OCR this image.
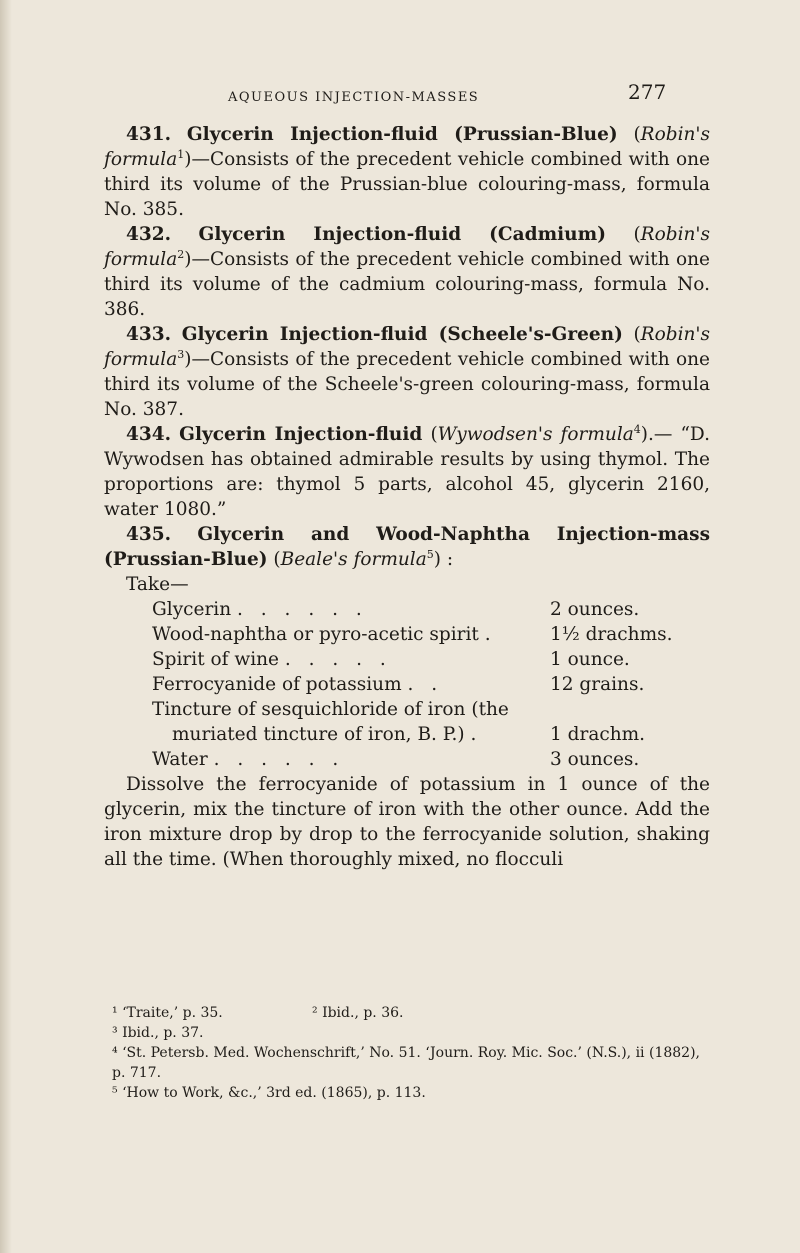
AQUEOUS INJECTION-MASSES	277

431. Glycerin Injection-fluid (Prussian-Blue) (Robin's formula$^1$)—Consists of the precedent vehicle combined with one third its volume of the Prussian-blue colouring-mass, formula No. 385.

432. Glycerin Injection-fluid (Cadmium) (Robin's formula$^2$)—Consists of the precedent vehicle combined with one third its volume of the cadmium colouring-mass, formula No. 386.

433. Glycerin Injection-fluid (Scheele's-Green) (Robin's formula$^3$)—Consists of the precedent vehicle combined with one third its volume of the Scheele's-green colouring-mass, formula No. 387.

434. Glycerin Injection-fluid (Wywodsen's formula$^4$).— “D. Wywodsen has obtained admirable results by using thymol. The proportions are: thymol 5 parts, alcohol 45, glycerin 2160, water 1080.”

435. Glycerin and Wood-Naphtha Injection-mass (Prussian-Blue) (Beale's formula$^5$) :

Take—

Glycerin . . . . . .	2 ounces.
Wood-naphtha or pyro-acetic spirit .	1½ drachms.
Spirit of wine . . . . .	1 ounce.
Ferrocyanide of potassium . .	12 grains.
Tincture of sesquichloride of iron (the
muriated tincture of iron, B. P.) .	1 drachm.
Water . . . . . .	3 ounces.

Dissolve the ferrocyanide of potassium in 1 ounce of the glycerin, mix the tincture of iron with the other ounce. Add the iron mixture drop by drop to the ferrocyanide solution, shaking all the time. (When thoroughly mixed, no flocculi

¹ ‘Traite,’ p. 35.	² Ibid., p. 36.

³ Ibid., p. 37.

⁴ ‘St. Petersb. Med. Wochenschrift,’ No. 51. ‘Journ. Roy. Mic. Soc.’ (N.S.), ii (1882), p. 717.

⁵ ‘How to Work, &c.,’ 3rd ed. (1865), p. 113.
